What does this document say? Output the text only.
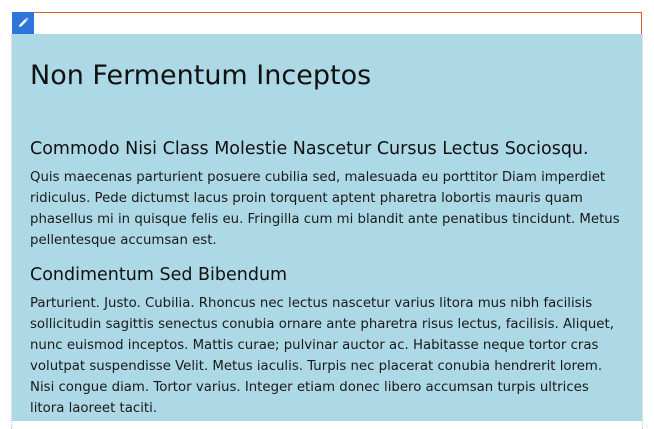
Non Fermentum Inceptos
Commodo Nisi Class Molestie Nascetur Cursus Lectus Sociosqu.

Quis maecenas parturient posuere cubilia sed, malesuada eu porttitor Diam imperdiet ridiculus. Pede dictumst lacus proin torquent aptent pharetra lobortis mauris quam phasellus mi in quisque felis eu. Fringilla cum mi blandit ante penatibus tincidunt. Metus pellentesque accumsan est.

Condimentum Sed Bibendum

Parturient. Justo. Cubilia. Rhoncus nec lectus nascetur varius litora mus nibh facilisis sollicitudin sagittis senectus conubia ornare ante pharetra risus lectus, facilisis. Aliquet, nunc euismod inceptos. Mattis curae; pulvinar auctor ac. Habitasse neque tortor cras volutpat suspendisse Velit. Metus iaculis. Turpis nec placerat conubia hendrerit lorem. Nisi congue diam. Tortor varius. Integer etiam donec libero accumsan turpis ultrices litora laoreet taciti.
